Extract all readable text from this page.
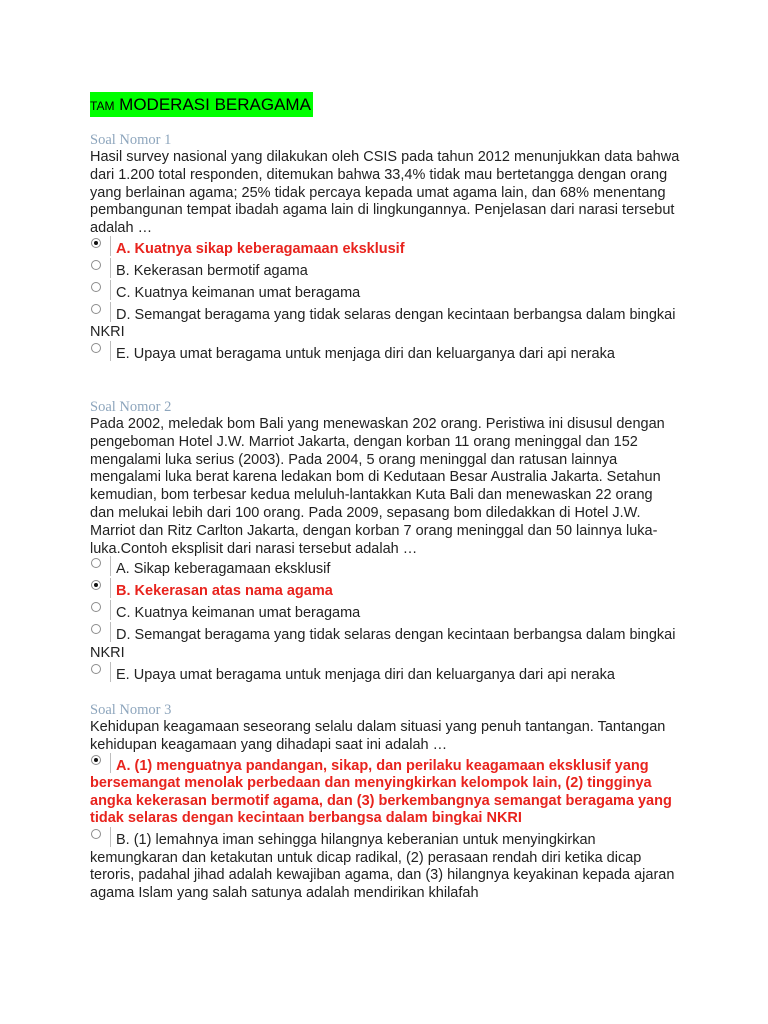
TAM MODERASI BERAGAMA
Soal Nomor 1

Hasil survey nasional yang dilakukan oleh CSIS pada tahun 2012 menunjukkan data bahwa dari 1.200 total responden, ditemukan bahwa 33,4% tidak mau bertetangga dengan orang yang berlainan agama; 25% tidak percaya kepada umat agama lain, dan 68% menentang pembangunan tempat ibadah agama lain di lingkungannya. Penjelasan dari narasi tersebut adalah …

A. Kuatnya sikap keberagamaan eksklusif
B. Kekerasan bermotif agama
C. Kuatnya keimanan umat beragama
D. Semangat beragama yang tidak selaras dengan kecintaan berbangsa dalam bingkai NKRI
E. Upaya umat beragama untuk menjaga diri dan keluarganya dari api neraka
Soal Nomor 2

Pada 2002, meledak bom Bali yang menewaskan 202 orang. Peristiwa ini disusul dengan pengeboman Hotel J.W. Marriot Jakarta, dengan korban 11 orang meninggal dan 152 mengalami luka serius (2003). Pada 2004, 5 orang meninggal dan ratusan lainnya mengalami luka berat karena ledakan bom di Kedutaan Besar Australia Jakarta. Setahun kemudian, bom terbesar kedua meluluh-lantakkan Kuta Bali dan menewaskan 22 orang dan melukai lebih dari 100 orang. Pada 2009, sepasang bom diledakkan di Hotel J.W. Marriot dan Ritz Carlton Jakarta, dengan korban 7 orang meninggal dan 50 lainnya luka-luka.Contoh eksplisit dari narasi tersebut adalah …

A. Sikap keberagamaan eksklusif
B. Kekerasan atas nama agama
C. Kuatnya keimanan umat beragama
D. Semangat beragama yang tidak selaras dengan kecintaan berbangsa dalam bingkai NKRI
E. Upaya umat beragama untuk menjaga diri dan keluarganya dari api neraka
Soal Nomor 3

Kehidupan keagamaan seseorang selalu dalam situasi yang penuh tantangan. Tantangan kehidupan keagamaan yang dihadapi saat ini adalah …

A. (1) menguatnya pandangan, sikap, dan perilaku keagamaan eksklusif yang bersemangat menolak perbedaan dan menyingkirkan kelompok lain, (2) tingginya angka kekerasan bermotif agama, dan (3) berkembangnya semangat beragama yang tidak selaras dengan kecintaan berbangsa dalam bingkai NKRI
B. (1) lemahnya iman sehingga hilangnya keberanian untuk menyingkirkan kemungkaran dan ketakutan untuk dicap radikal, (2) perasaan rendah diri ketika dicap teroris, padahal jihad adalah kewajiban agama, dan (3) hilangnya keyakinan kepada ajaran agama Islam yang salah satunya adalah mendirikan khilafah
